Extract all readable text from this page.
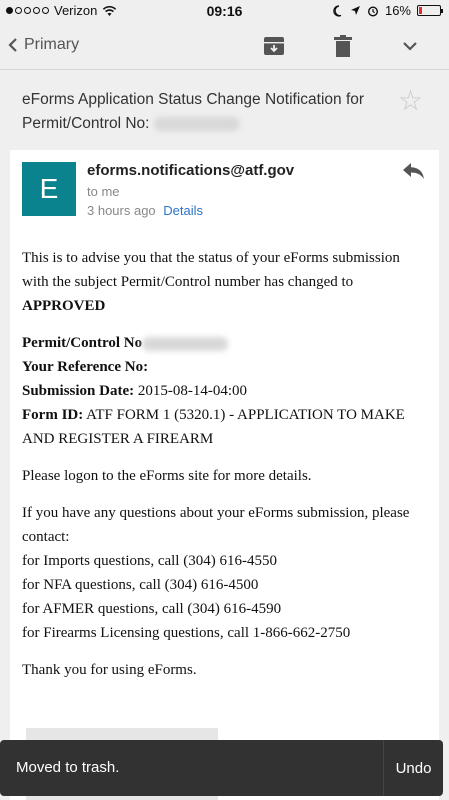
Verizon	09:16	16%
Primary
eForms Application Status Change Notification for
Permit/Control No:
☆
E
eforms.notifications@atf.gov
to me
3 hours ago Details

This is to advise you that the status of your eForms submission with the subject Permit/Control number has changed to
APPROVED

Permit/Control No
Your Reference No:
Submission Date: 2015-08-14-04:00
Form ID: ATF FORM 1 (5320.1) - APPLICATION TO MAKE AND REGISTER A FIREARM

Please logon to the eForms site for more details.

If you have any questions about your eForms submission, please contact:
for Imports questions, call (304) 616-4550
for NFA questions, call (304) 616-4500
for AFMER questions, call (304) 616-4590
for Firearms Licensing questions, call 1-866-662-2750

Thank you for using eForms.

Moved to trash.	Undo
